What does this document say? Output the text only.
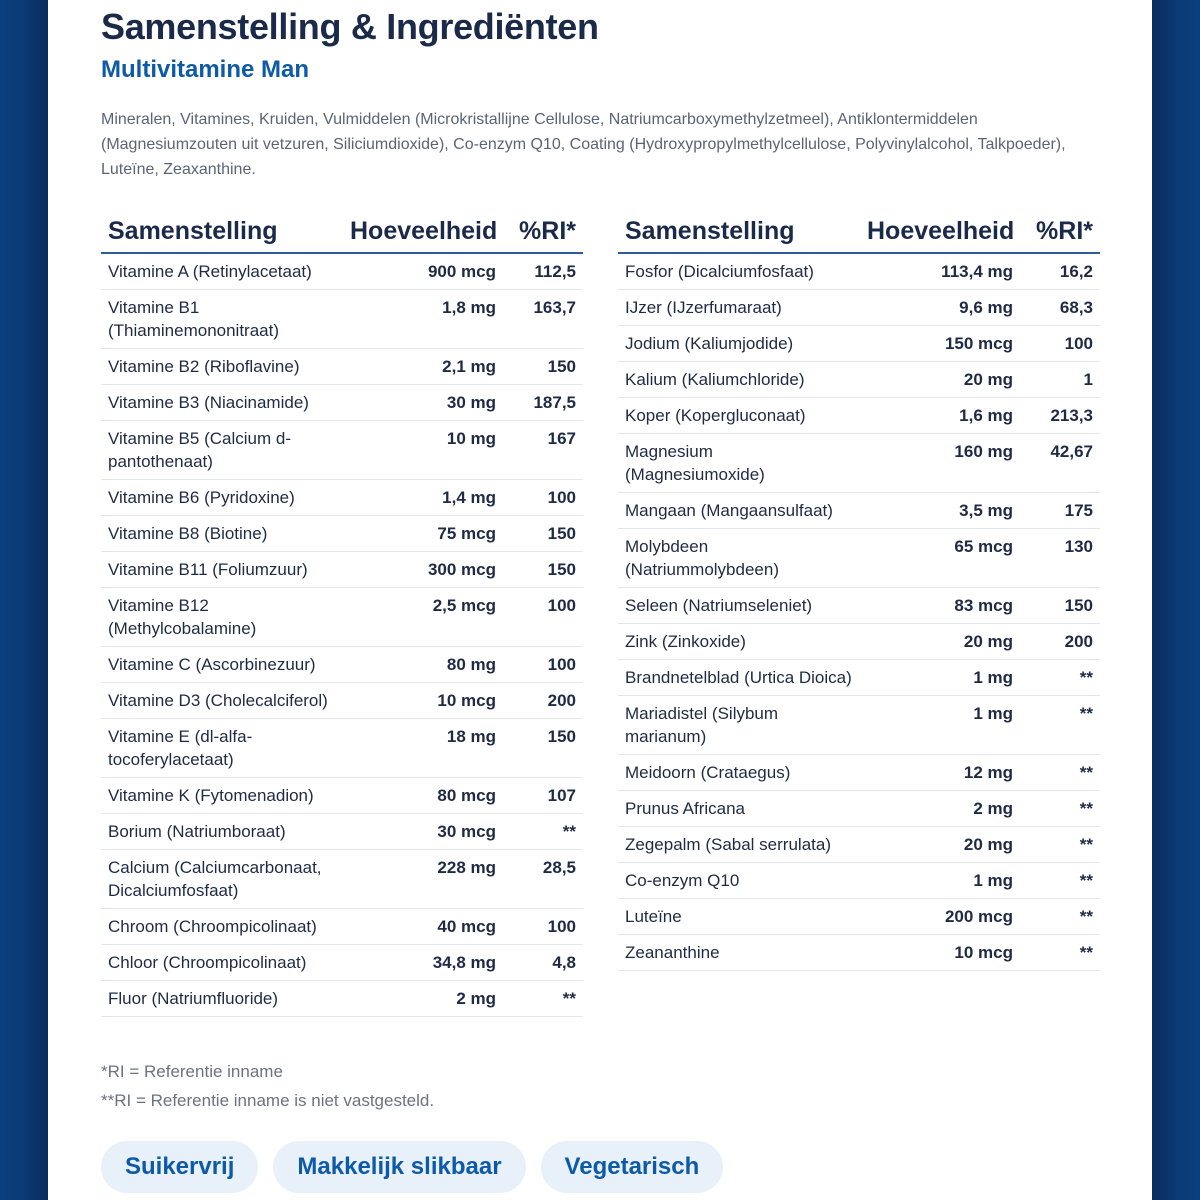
Samenstelling & Ingrediënten
Multivitamine Man

Mineralen, Vitamines, Kruiden, Vulmiddelen (Microkristallijne Cellulose, Natriumcarboxymethylzetmeel), Antiklontermiddelen (Magnesiumzouten uit vetzuren, Siliciumdioxide), Co-enzym Q10, Coating (Hydroxypropylmethylcellulose, Polyvinylalcohol, Talkpoeder), Luteïne, Zeaxanthine.

Samenstelling	Hoeveelheid	%RI*
Vitamine A (Retinylacetaat)	900 mcg	112,5
Vitamine B1 (Thiaminemononitraat)	1,8 mg	163,7
Vitamine B2 (Riboflavine)	2,1 mg	150
Vitamine B3 (Niacinamide)	30 mg	187,5
Vitamine B5 (Calcium d-pantothenaat)	10 mg	167
Vitamine B6 (Pyridoxine)	1,4 mg	100
Vitamine B8 (Biotine)	75 mcg	150
Vitamine B11 (Foliumzuur)	300 mcg	150
Vitamine B12 (Methylcobalamine)	2,5 mcg	100
Vitamine C (Ascorbinezuur)	80 mg	100
Vitamine D3 (Cholecalciferol)	10 mcg	200
Vitamine E (dl-alfa-tocoferylacetaat)	18 mg	150
Vitamine K (Fytomenadion)	80 mcg	107
Borium (Natriumboraat)	30 mcg	**
Calcium (Calciumcarbonaat, Dicalciumfosfaat)	228 mg	28,5
Chroom (Chroompicolinaat)	40 mcg	100
Chloor (Chroompicolinaat)	34,8 mg	4,8
Fluor (Natriumfluoride)	2 mg	**
Samenstelling	Hoeveelheid	%RI*
Fosfor (Dicalciumfosfaat)	113,4 mg	16,2
IJzer (IJzerfumaraat)	9,6 mg	68,3
Jodium (Kaliumjodide)	150 mcg	100
Kalium (Kaliumchloride)	20 mg	1
Koper (Kopergluconaat)	1,6 mg	213,3
Magnesium (Magnesiumoxide)	160 mg	42,67
Mangaan (Mangaansulfaat)	3,5 mg	175
Molybdeen (Natriummolybdeen)	65 mcg	130
Seleen (Natriumseleniet)	83 mcg	150
Zink (Zinkoxide)	20 mg	200
Brandnetelblad (Urtica Dioica)	1 mg	**
Mariadistel (Silybum marianum)	1 mg	**
Meidoorn (Crataegus)	12 mg	**
Prunus Africana	2 mg	**
Zegepalm (Sabal serrulata)	20 mg	**
Co-enzym Q10	1 mg	**
Luteïne	200 mcg	**
Zeananthine	10 mcg	**

*RI = Referentie inname

**RI = Referentie inname is niet vastgesteld.

Suikervrij	Makkelijk slikbaar	Vegetarisch
